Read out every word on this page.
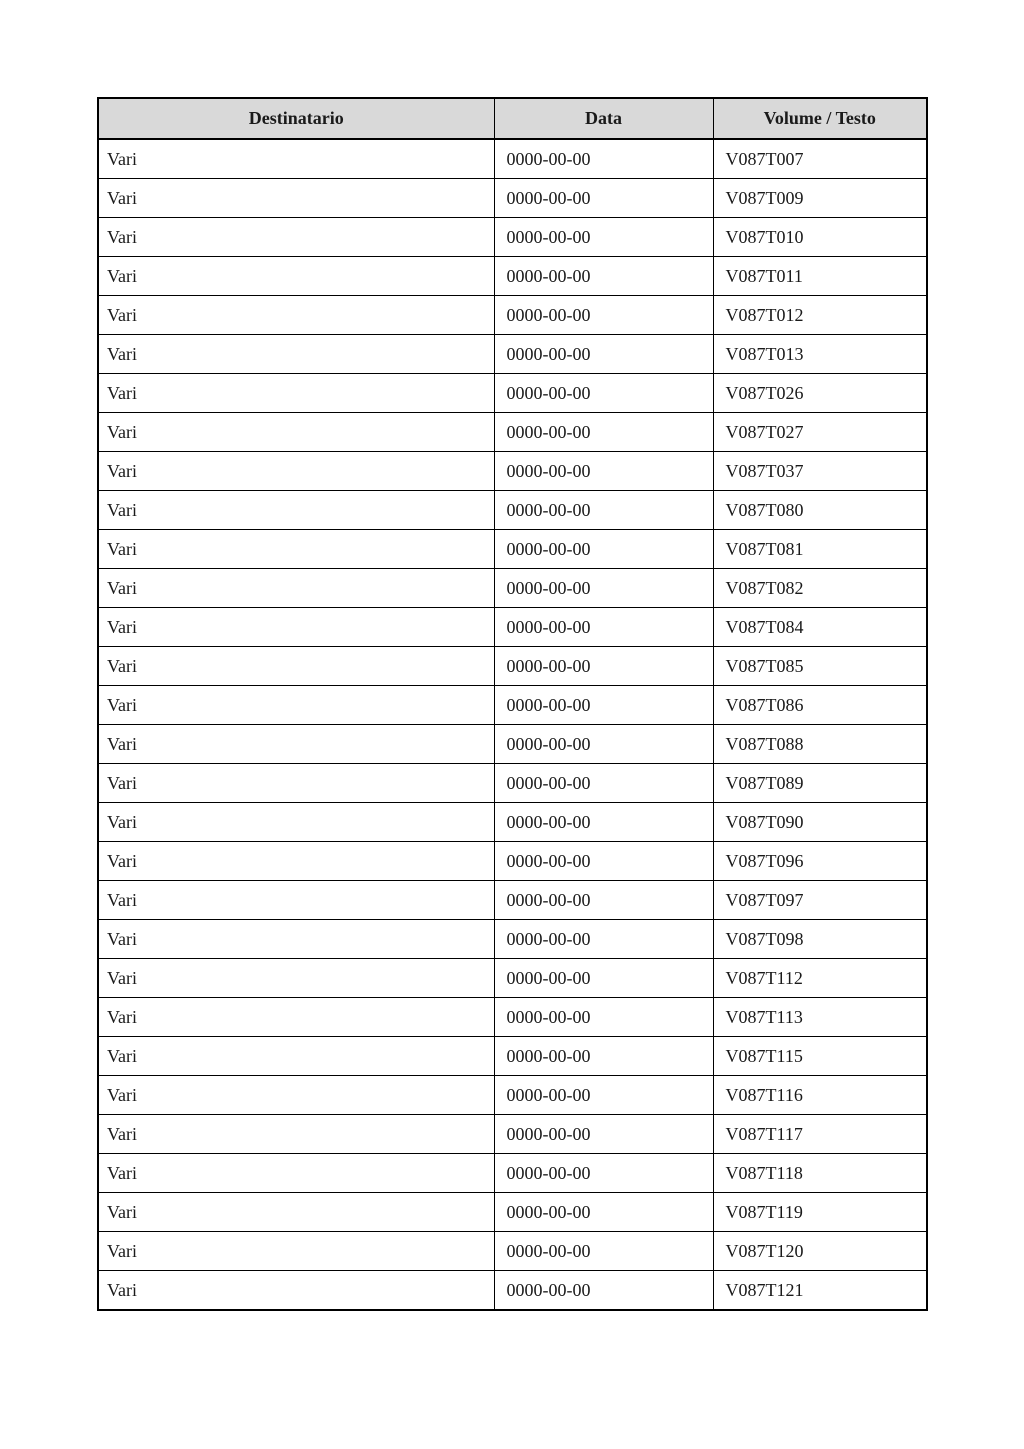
Destinatario	Data	Volume / Testo
Vari	0000-00-00	V087T007
Vari	0000-00-00	V087T009
Vari	0000-00-00	V087T010
Vari	0000-00-00	V087T011
Vari	0000-00-00	V087T012
Vari	0000-00-00	V087T013
Vari	0000-00-00	V087T026
Vari	0000-00-00	V087T027
Vari	0000-00-00	V087T037
Vari	0000-00-00	V087T080
Vari	0000-00-00	V087T081
Vari	0000-00-00	V087T082
Vari	0000-00-00	V087T084
Vari	0000-00-00	V087T085
Vari	0000-00-00	V087T086
Vari	0000-00-00	V087T088
Vari	0000-00-00	V087T089
Vari	0000-00-00	V087T090
Vari	0000-00-00	V087T096
Vari	0000-00-00	V087T097
Vari	0000-00-00	V087T098
Vari	0000-00-00	V087T112
Vari	0000-00-00	V087T113
Vari	0000-00-00	V087T115
Vari	0000-00-00	V087T116
Vari	0000-00-00	V087T117
Vari	0000-00-00	V087T118
Vari	0000-00-00	V087T119
Vari	0000-00-00	V087T120
Vari	0000-00-00	V087T121
